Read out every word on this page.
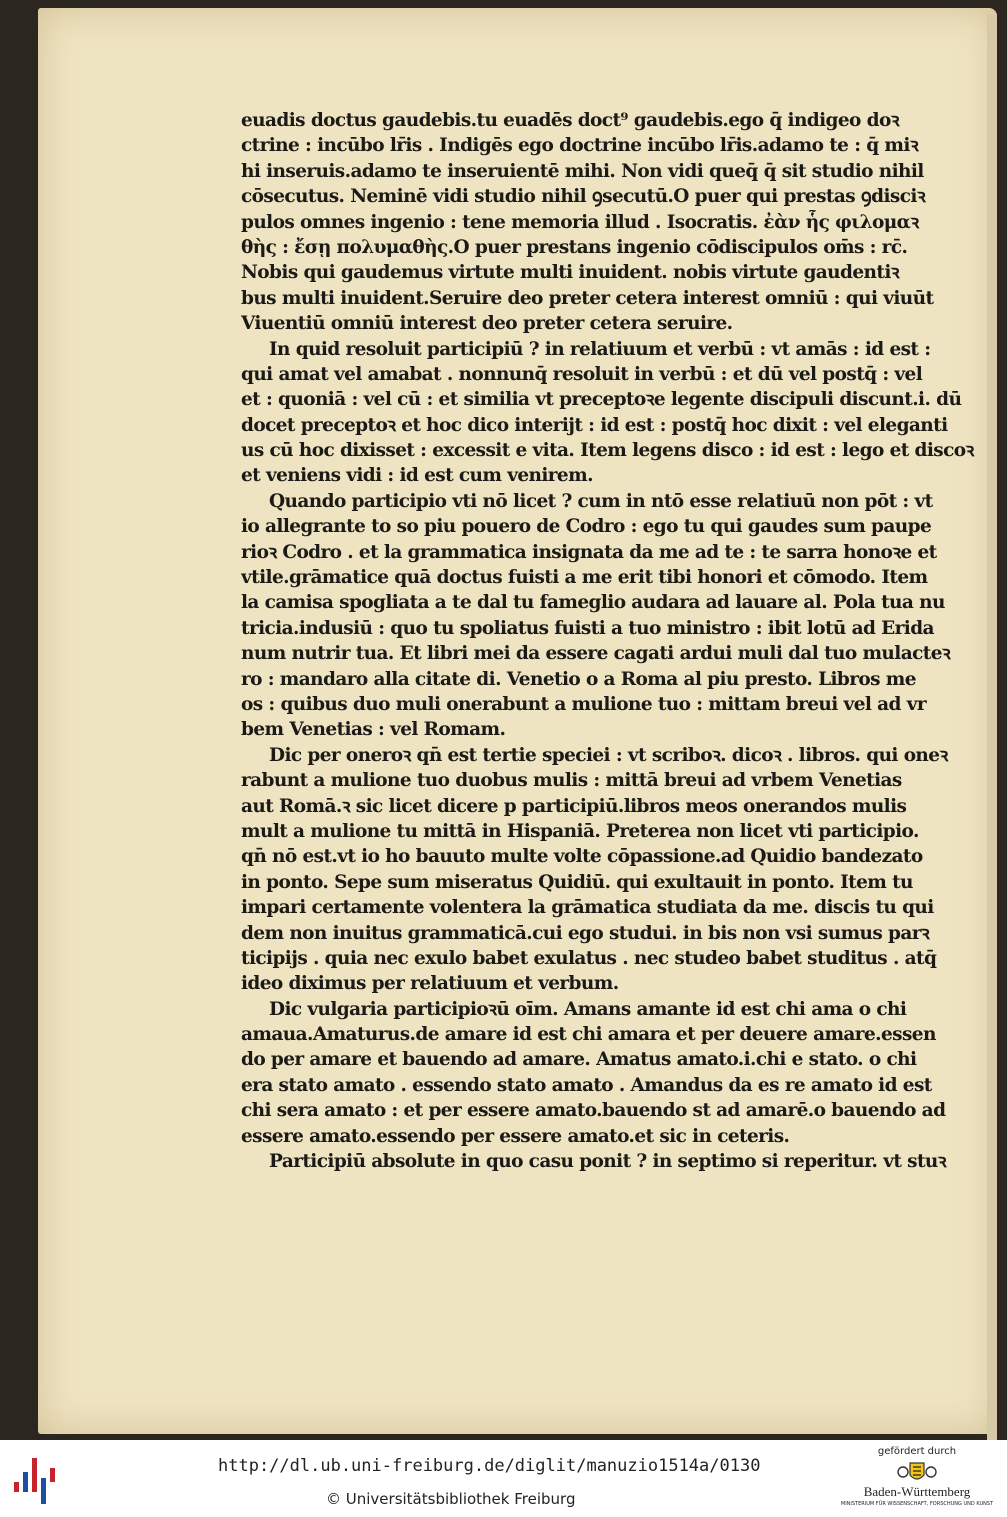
euadis doctus gaudebis.tu euadēs doct⁹ gaudebis.ego q̄ indigeo doꝛ
ctrine : incūbo lr̄is . Indigēs ego doctrine incūbo lr̄is.adamo te : q̄ miꝛ
hi inseruis.adamo te inseruientē mihi. Non vidi queq̄ q̄ sit studio nihil
cōsecutus. Neminē vidi studio nihil ꝯsecutū.O puer qui prestas ꝯdisciꝛ
pulos omnes ingenio : tene memoria illud . Isocratis. ἐὰν ἧς φιλομαꝛ
θὴς : ἔσῃ πολυμαθὴς.O puer prestans ingenio cōdiscipulos om̄s : rc̄.
Nobis qui gaudemus virtute multi inuident. nobis virtute gaudentiꝛ
bus multi inuident.Seruire deo preter cetera interest omniū : qui viuūt
Viuentiū omniū interest deo preter cetera seruire.
In quid resoluit participiū ? in relatiuum et verbū : vt amās : id est :
qui amat vel amabat . nonnunq̄ resoluit in verbū : et dū vel postq̄ : vel
et : quoniā : vel cū : et similia vt preceptoꝛe legente discipuli discunt.i. dū
docet preceptoꝛ et hoc dico interijt : id est : postq̄ hoc dixit : vel eleganti
us cū hoc dixisset : excessit e vita. Item legens disco : id est : lego et discoꝛ
et veniens vidi : id est cum venirem.
Quando participio vti nō licet ? cum in ntō esse relatiuū non pōt : vt
io allegrante to so piu pouero de Codro : ego tu qui gaudes sum paupe
rioꝛ Codro . et la grammatica insignata da me ad te : te sarra honoꝛe et
vtile.grāmatice quā doctus fuisti a me erit tibi honori et cōmodo. Item
la camisa spogliata a te dal tu fameglio audara ad lauare al. Pola tua nu
tricia.indusiū : quo tu spoliatus fuisti a tuo ministro : ibit lotū ad Erida
num nutrir tua. Et libri mei da essere cagati ardui muli dal tuo mulacteꝛ
ro : mandaro alla citate di. Venetio o a Roma al piu presto. Libros me
os : quibus duo muli onerabunt a mulione tuo : mittam breui vel ad vr
bem Venetias : vel Romam.
Dic per oneroꝛ qn̄ est tertie speciei : vt scriboꝛ. dicoꝛ . libros. qui oneꝛ
rabunt a mulione tuo duobus mulis : mittā breui ad vrbem Venetias
aut Romā.ꝛ sic licet dicere p participiū.libros meos onerandos mulis
mult a mulione tu mittā in Hispaniā. Preterea non licet vti participio.
qn̄ nō est.vt io ho bauuto multe volte cōpassione.ad Quidio bandezato
in ponto. Sepe sum miseratus Quidiū. qui exultauit in ponto. Item tu
impari certamente volentera la grāmatica studiata da me. discis tu qui
dem non inuitus grammaticā.cui ego studui. in bis non vsi sumus parꝛ
ticipijs . quia nec exulo babet exulatus . nec studeo babet studitus . atq̄
ideo diximus per relatiuum et verbum.
Dic vulgaria participioꝛū oīm. Amans amante id est chi ama o chi
amaua.Amaturus.de amare id est chi amara et per deuere amare.essen
do per amare et bauendo ad amare. Amatus amato.i.chi e stato. o chi
era stato amato . essendo stato amato . Amandus da es re amato id est
chi sera amato : et per essere amato.bauendo st ad amarē.o bauendo ad
essere amato.essendo per essere amato.et sic in ceteris.
Participiū absolute in quo casu ponit ? in septimo si reperitur. vt stuꝛ
http://dl.ub.uni-freiburg.de/diglit/manuzio1514a/0130
© Universitätsbibliothek Freiburg
gefördert durch
Baden-Württemberg
MINISTERIUM FÜR WISSENSCHAFT, FORSCHUNG UND KUNST
